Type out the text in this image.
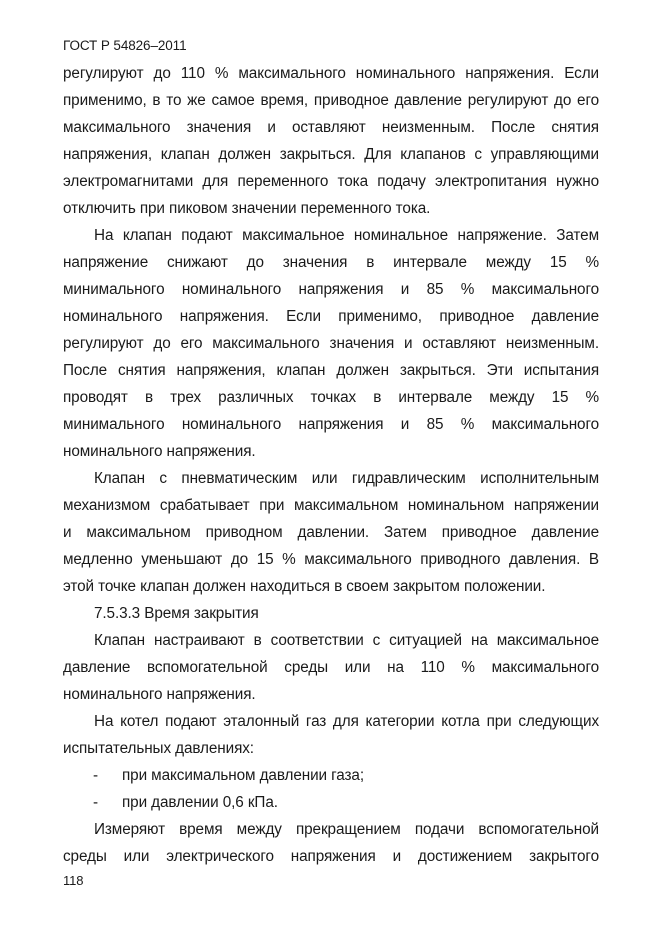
ГОСТ Р 54826–2011
регулируют до 110 % максимального номинального напряжения. Если
применимо, в то же самое время, приводное давление регулируют до его
максимального значения и оставляют неизменным. После снятия
напряжения, клапан должен закрыться. Для клапанов с управляющими
электромагнитами для переменного тока подачу электропитания нужно
отключить при пиковом значении переменного тока.
На клапан подают максимальное номинальное напряжение. Затем
напряжение снижают до значения в интервале между 15 %
минимального номинального напряжения и 85 % максимального
номинального напряжения. Если применимо, приводное давление
регулируют до его максимального значения и оставляют неизменным.
После снятия напряжения, клапан должен закрыться. Эти испытания
проводят в трех различных точках в интервале между 15 %
минимального номинального напряжения и 85 % максимального
номинального напряжения.
Клапан с пневматическим или гидравлическим исполнительным
механизмом срабатывает при максимальном номинальном напряжении
и максимальном приводном давлении. Затем приводное давление
медленно уменьшают до 15 % максимального приводного давления. В
этой точке клапан должен находиться в своем закрытом положении.
7.5.3.3 Время закрытия
Клапан настраивают в соответствии с ситуацией на максимальное
давление вспомогательной среды или на 110 % максимального
номинального напряжения.
На котел подают эталонный газ для категории котла при следующих
испытательных давлениях:
- при максимальном давлении газа;
- при давлении 0,6 кПа.
Измеряют время между прекращением подачи вспомогательной
среды или электрического напряжения и достижением закрытого
118
